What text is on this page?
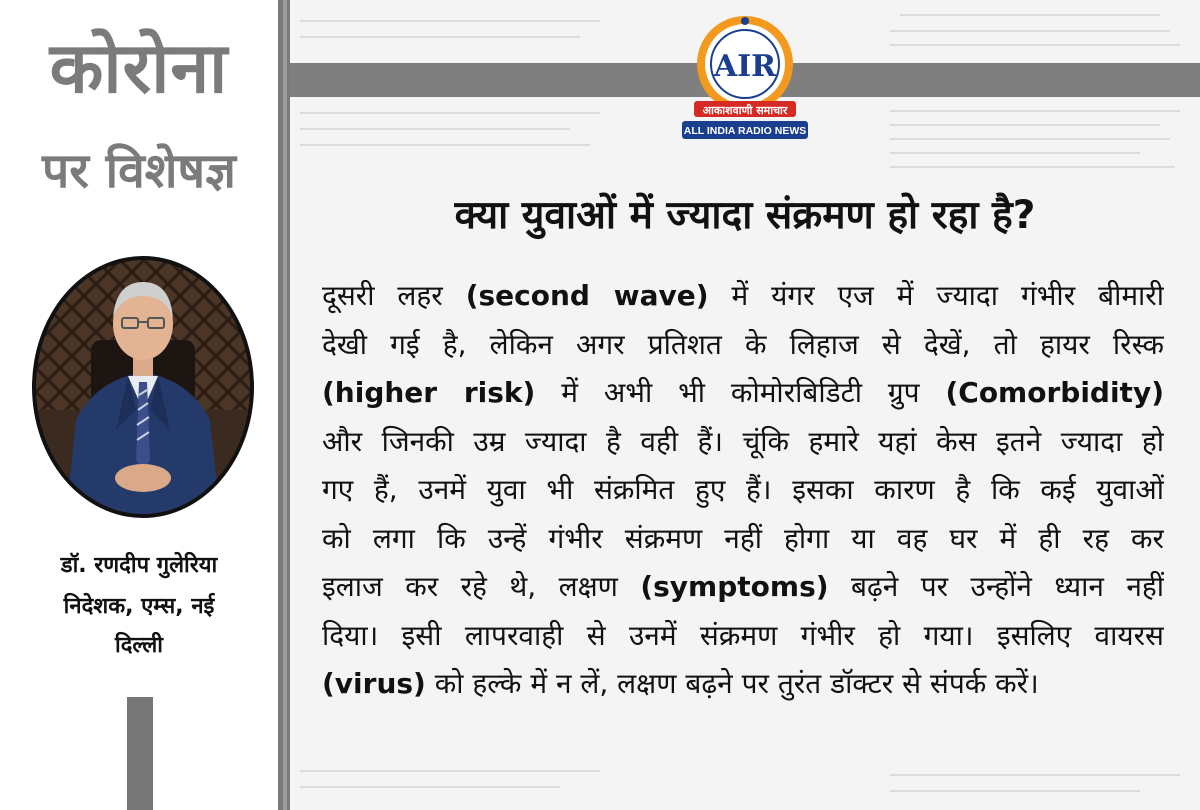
कोरोना
पर विशेषज्ञ
डॉ. रणदीप गुलेरिया
निदेशक, एम्स, नई
दिल्ली
AIR
आकाशवाणी समाचार
ALL INDIA RADIO NEWS
क्या युवाओं में ज्यादा संक्रमण हो रहा है?
दूसरी लहर (second wave) में यंगर एज में ज्यादा गंभीर बीमारी
देखी गई है, लेकिन अगर प्रतिशत के लिहाज से देखें, तो हायर रिस्क
(higher risk) में अभी भी कोमोरबिडिटी ग्रुप (Comorbidity)
और जिनकी उम्र ज्यादा है वही हैं। चूंकि हमारे यहां केस इतने ज्यादा हो
गए हैं, उनमें युवा भी संक्रमित हुए हैं। इसका कारण है कि कई युवाओं
को लगा कि उन्हें गंभीर संक्रमण नहीं होगा या वह घर में ही रह कर
इलाज कर रहे थे, लक्षण (symptoms) बढ़ने पर उन्होंने ध्यान नहीं
दिया। इसी लापरवाही से उनमें संक्रमण गंभीर हो गया। इसलिए वायरस
(virus) को हल्के में न लें, लक्षण बढ़ने पर तुरंत डॉक्टर से संपर्क करें।
